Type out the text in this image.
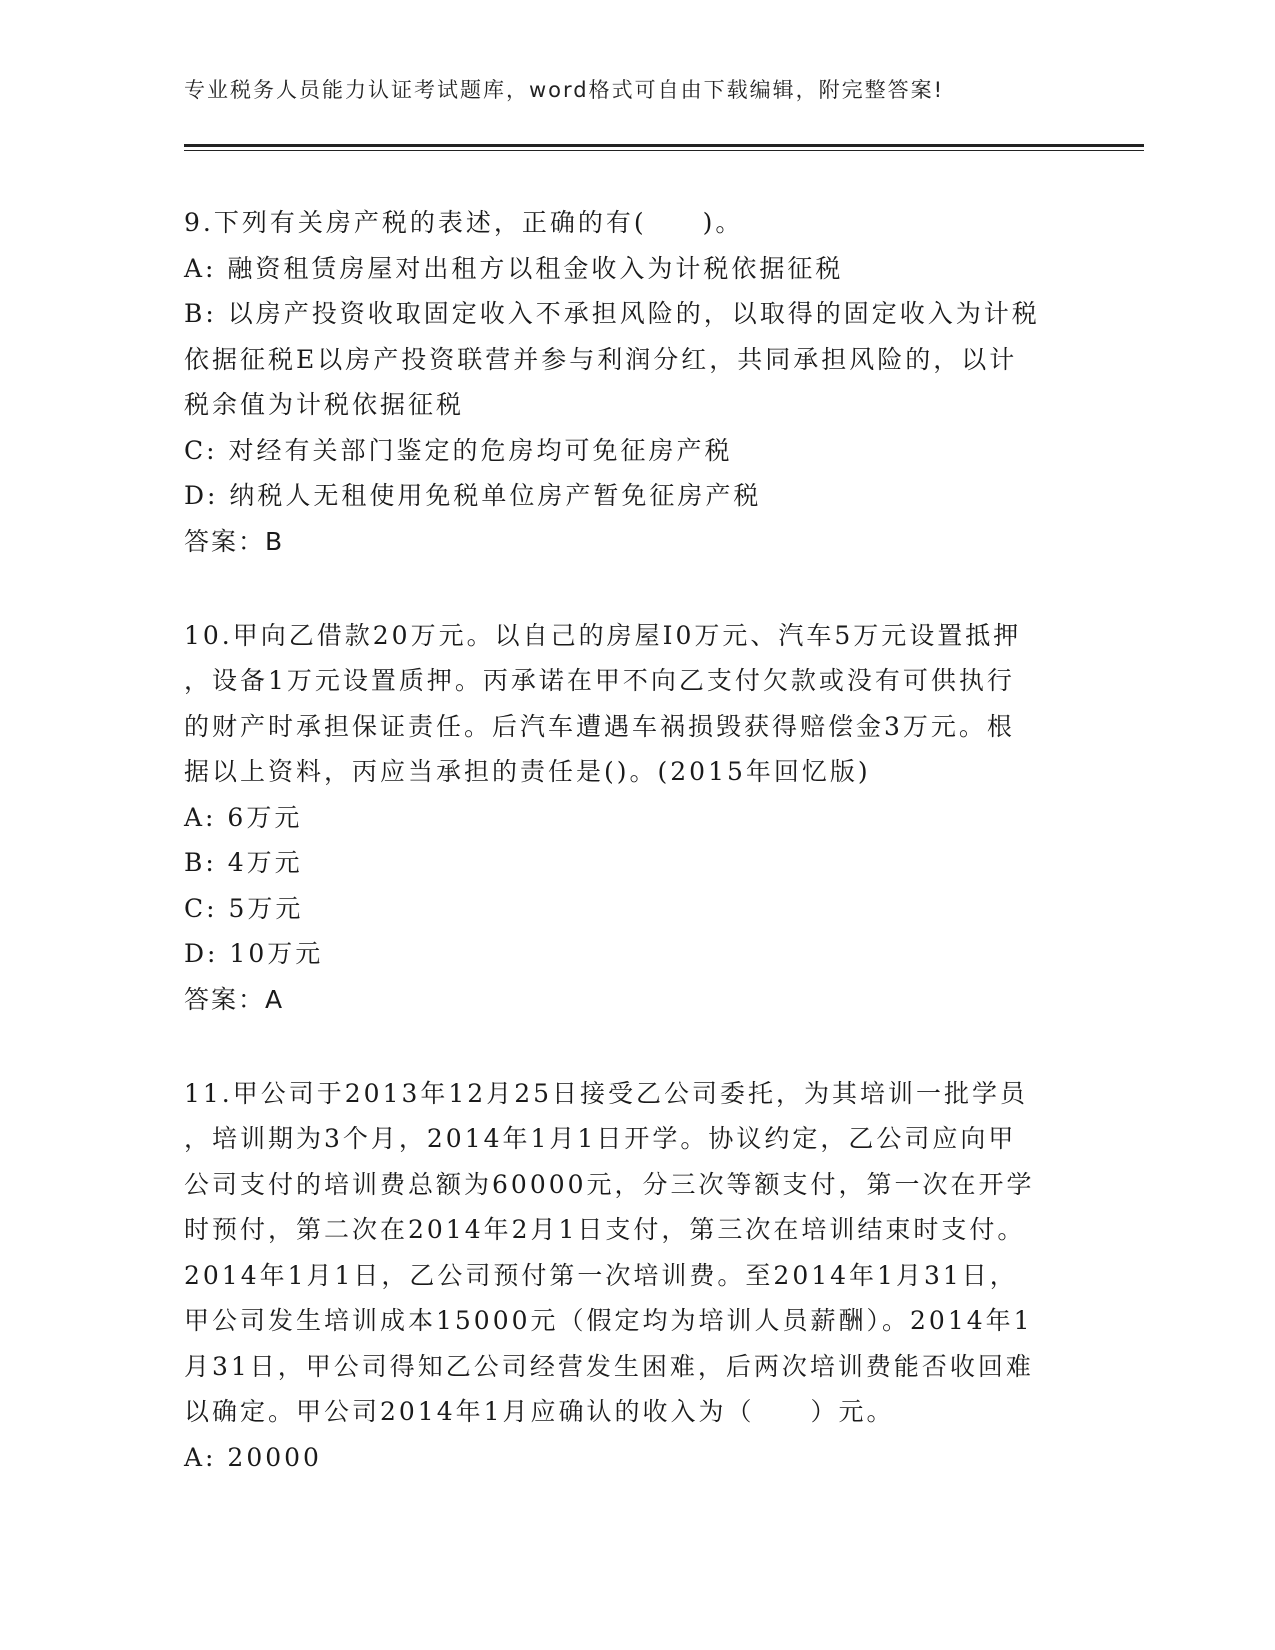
专业税务人员能力认证考试题库，word格式可自由下载编辑，附完整答案!
9.下列有关房产税的表述，正确的有(　　)。
A: 融资租赁房屋对出租方以租金收入为计税依据征税
B: 以房产投资收取固定收入不承担风险的，以取得的固定收入为计税
依据征税E以房产投资联营并参与利润分红，共同承担风险的，以计
税余值为计税依据征税
C: 对经有关部门鉴定的危房均可免征房产税
D: 纳税人无租使用免税单位房产暂免征房产税
答案：B
10.甲向乙借款20万元。以自己的房屋I0万元、汽车5万元设置抵押
，设备1万元设置质押。丙承诺在甲不向乙支付欠款或没有可供执行
的财产时承担保证责任。后汽车遭遇车祸损毁获得赔偿金3万元。根
据以上资料，丙应当承担的责任是()。(2015年回忆版)
A: 6万元
B: 4万元
C: 5万元
D: 10万元
答案：A
11.甲公司于2013年12月25日接受乙公司委托，为其培训一批学员
，培训期为3个月，2014年1月1日开学。协议约定，乙公司应向甲
公司支付的培训费总额为60000元，分三次等额支付，第一次在开学
时预付，第二次在2014年2月1日支付，第三次在培训结束时支付。
2014年1月1日，乙公司预付第一次培训费。至2014年1月31日，
甲公司发生培训成本15000元（假定均为培训人员薪酬）。2014年1
月31日，甲公司得知乙公司经营发生困难，后两次培训费能否收回难
以确定。甲公司2014年1月应确认的收入为（　　）元。
A: 20000
